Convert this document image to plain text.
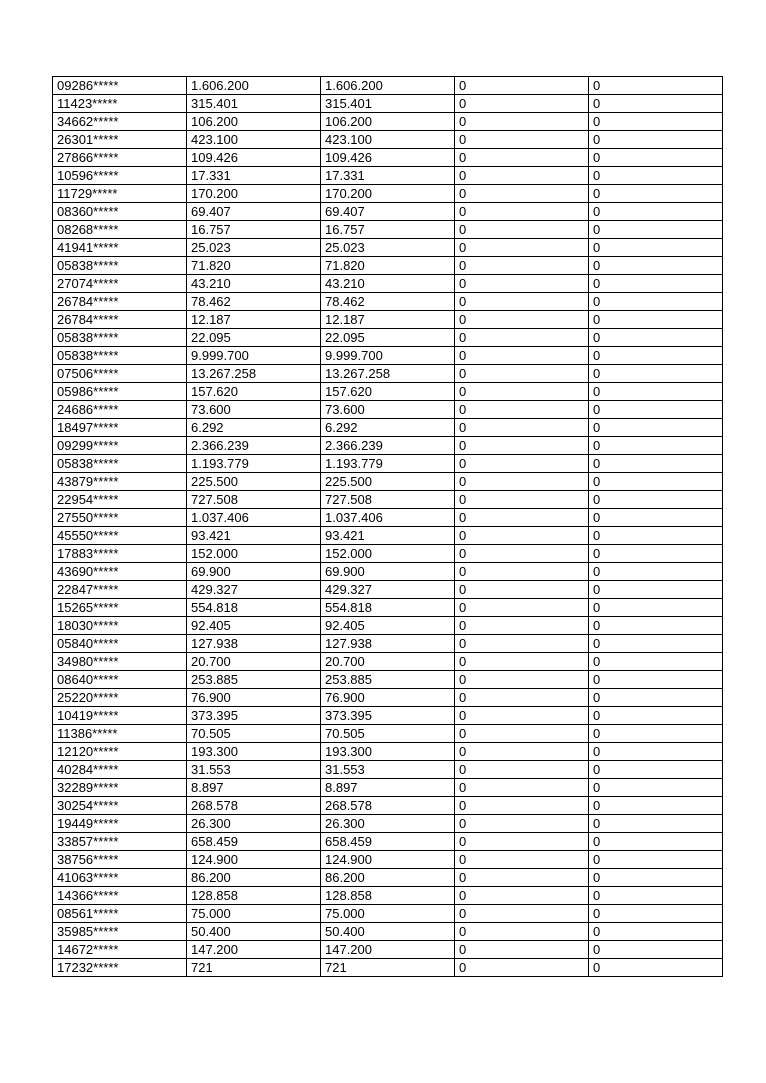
09286*****	1.606.200	1.606.200	0	0
11423*****	315.401	315.401	0	0
34662*****	106.200	106.200	0	0
26301*****	423.100	423.100	0	0
27866*****	109.426	109.426	0	0
10596*****	17.331	17.331	0	0
11729*****	170.200	170.200	0	0
08360*****	69.407	69.407	0	0
08268*****	16.757	16.757	0	0
41941*****	25.023	25.023	0	0
05838*****	71.820	71.820	0	0
27074*****	43.210	43.210	0	0
26784*****	78.462	78.462	0	0
26784*****	12.187	12.187	0	0
05838*****	22.095	22.095	0	0
05838*****	9.999.700	9.999.700	0	0
07506*****	13.267.258	13.267.258	0	0
05986*****	157.620	157.620	0	0
24686*****	73.600	73.600	0	0
18497*****	6.292	6.292	0	0
09299*****	2.366.239	2.366.239	0	0
05838*****	1.193.779	1.193.779	0	0
43879*****	225.500	225.500	0	0
22954*****	727.508	727.508	0	0
27550*****	1.037.406	1.037.406	0	0
45550*****	93.421	93.421	0	0
17883*****	152.000	152.000	0	0
43690*****	69.900	69.900	0	0
22847*****	429.327	429.327	0	0
15265*****	554.818	554.818	0	0
18030*****	92.405	92.405	0	0
05840*****	127.938	127.938	0	0
34980*****	20.700	20.700	0	0
08640*****	253.885	253.885	0	0
25220*****	76.900	76.900	0	0
10419*****	373.395	373.395	0	0
11386*****	70.505	70.505	0	0
12120*****	193.300	193.300	0	0
40284*****	31.553	31.553	0	0
32289*****	8.897	8.897	0	0
30254*****	268.578	268.578	0	0
19449*****	26.300	26.300	0	0
33857*****	658.459	658.459	0	0
38756*****	124.900	124.900	0	0
41063*****	86.200	86.200	0	0
14366*****	128.858	128.858	0	0
08561*****	75.000	75.000	0	0
35985*****	50.400	50.400	0	0
14672*****	147.200	147.200	0	0
17232*****	721	721	0	0
